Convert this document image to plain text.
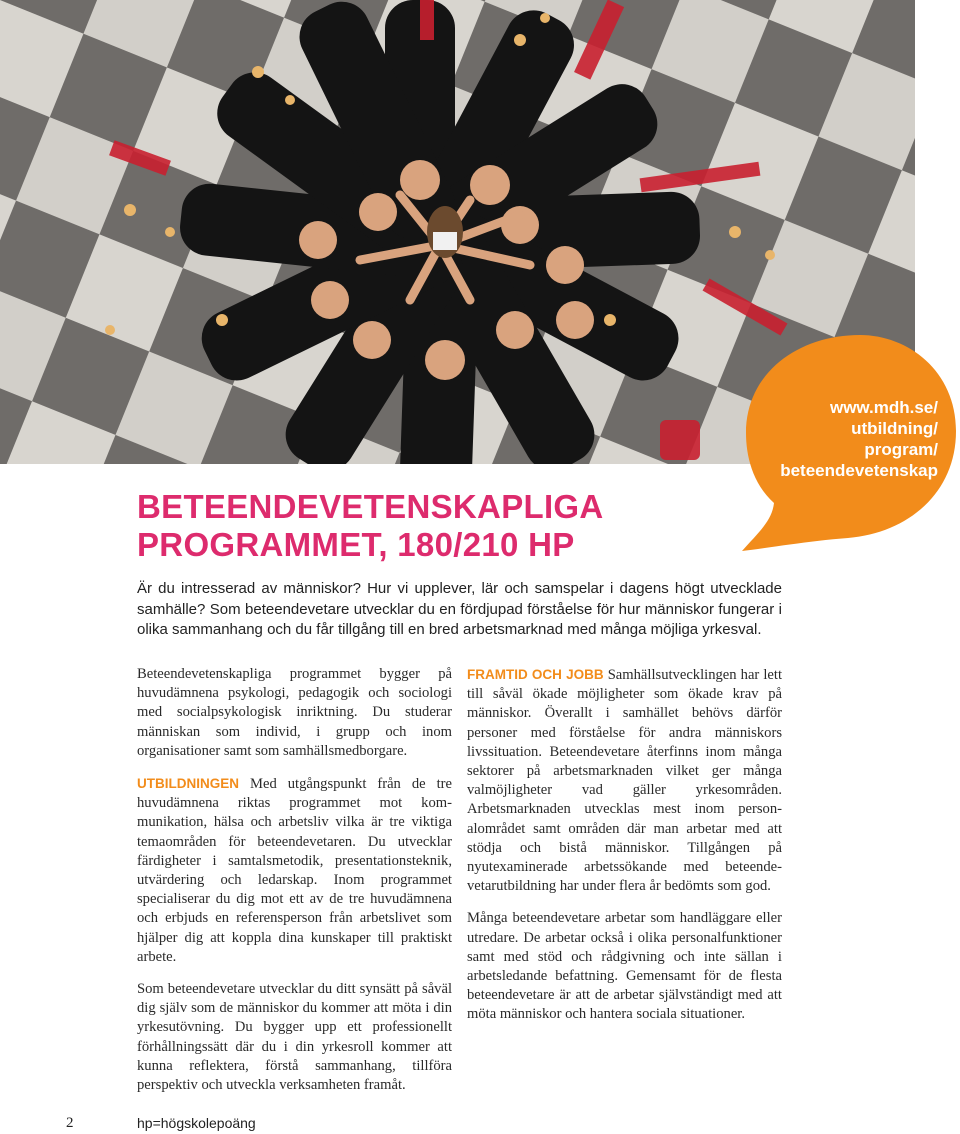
www.mdh.se/
utbildning/
program/
beteendevetenskap
BETEENDEVETENSKAPLIGA
PROGRAMMET, 180/210 HP

Är du intresserad av människor? Hur vi upplever, lär och samspelar i dagens högt utvecklade samhälle? Som beteendevetare utvecklar du en fördjupad förståelse för hur människor fungerar i olika sammanhang och du får tillgång till en bred arbetsmarknad med många möjliga yrkesval.

Beteendevetenskapliga programmet bygger på huvudämnena psykologi, pedagogik och sociologi med socialpsykologisk inriktning. Du studerar människan som individ, i grupp och inom organisationer samt som samhällsmedborgare.

UTBILDNINGEN Med utgångspunkt från de tre huvudämnena riktas programmet mot kommunikation, hälsa och arbetsliv vilka är tre viktiga temaområden för beteendevetaren. Du utvecklar färdigheter i samtalsmetodik, presentationsteknik, utvärdering och ledarskap. Inom programmet specialiserar du dig mot ett av de tre huvudämnena och erbjuds en referensperson från arbetslivet som hjälper dig att koppla dina kunskaper till praktiskt arbete.

Som beteendevetare utvecklar du ditt synsätt på såväl dig själv som de människor du kommer att möta i din yrkesutövning. Du bygger upp ett professionellt förhållningssätt där du i din yrkesroll kommer att kunna reflektera, förstå sammanhang, tillföra perspektiv och utveckla verksamheten framåt.

FRAMTID OCH JOBB Samhällsutvecklingen har lett till såväl ökade möjligheter som ökade krav på människor. Överallt i samhället behövs därför personer med förståelse för andra människors livssituation. Beteendevetare återfinns inom många sektorer på arbetsmarknaden vilket ger många valmöjligheter vad gäller yrkesområden. Arbetsmarknaden utvecklas mest inom personalområdet samt områden där man arbetar med att stödja och bistå människor. Tillgången på nyutexaminerade arbetssökande med beteendevetarutbildning har under flera år bedömts som god.

Många beteendevetare arbetar som handläggare eller utredare. De arbetar också i olika personalfunktioner samt med stöd och rådgivning och inte sällan i arbetsledande befattning. Gemensamt för de flesta beteendevetare är att de arbetar självständigt med att möta människor och hantera sociala situationer.

2	hp=högskolepoäng
